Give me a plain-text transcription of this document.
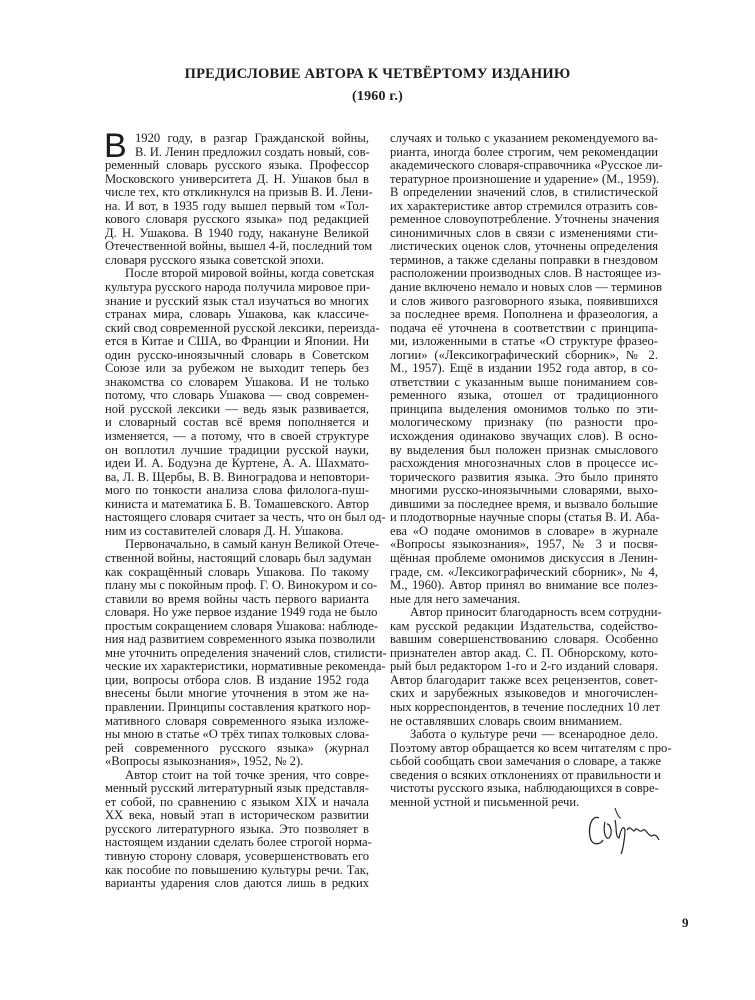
ПРЕДИСЛОВИЕ АВТОРА К ЧЕТВЁРТОМУ ИЗДАНИЮ
(1960 г.)
В 1920 году, в разгар Гражданской войны,
В. И. Ленин предложил создать новый, сов-
ременный словарь русского языка. Профессор
Московского университета Д. Н. Ушаков был в
числе тех, кто откликнулся на призыв В. И. Лени-
на. И вот, в 1935 году вышел первый том «Тол-
кового словаря русского языка» под редакцией
Д. Н. Ушакова. В 1940 году, накануне Великой
Отечественной войны, вышел 4-й, последний том
словаря русского языка советской эпохи.
После второй мировой войны, когда советская
культура русского народа получила мировое при-
знание и русский язык стал изучаться во многих
странах мира, словарь Ушакова, как классиче-
ский свод современной русской лексики, переизда-
ется в Китае и США, во Франции и Японии. Ни
один русско-иноязычный словарь в Советском
Союзе или за рубежом не выходит теперь без
знакомства со словарем Ушакова. И не только
потому, что словарь Ушакова — свод современ-
ной русской лексики — ведь язык развивается,
и словарный состав всё время пополняется и
изменяется, — а потому, что в своей структуре
он воплотил лучшие традиции русской науки,
идеи И. А. Бодуэна де Куртене, А. А. Шахмато-
ва, Л. В. Щербы, В. В. Виноградова и неповтори-
мого по тонкости анализа слова филолога-пуш-
киниста и математика Б. В. Томашевского. Автор
настоящего словаря считает за честь, что он был од-
ним из составителей словаря Д. Н. Ушакова.
Первоначально, в самый канун Великой Отече-
ственной войны, настоящий словарь был задуман
как сокращённый словарь Ушакова. По такому
плану мы с покойным проф. Г. О. Винокуром и со-
ставили во время войны часть первого варианта
словаря. Но уже первое издание 1949 года не было
простым сокращением словаря Ушакова: наблюде-
ния над развитием современного языка позволили
мне уточнить определения значений слов, стилисти-
ческие их характеристики, нормативные рекоменда-
ции, вопросы отбора слов. В издание 1952 года
внесены были многие уточнения в этом же на-
правлении. Принципы составления краткого нор-
мативного словаря современного языка изложе-
ны мною в статье «О трёх типах толковых слова-
рей современного русского языка» (журнал
«Вопросы языкознания», 1952, № 2).
Автор стоит на той точке зрения, что совре-
менный русский литературный язык представля-
ет собой, по сравнению с языком XIX и начала
XX века, новый этап в историческом развитии
русского литературного языка. Это позволяет в
настоящем издании сделать более строгой норма-
тивную сторону словаря, усовершенствовать его
как пособие по повышению культуры речи. Так,
варианты ударения слов даются лишь в редких
случаях и только с указанием рекомендуемого ва-
рианта, иногда более строгим, чем рекомендации
академического словаря-справочника «Русское ли-
тературное произношение и ударение» (М., 1959).
В определении значений слов, в стилистической
их характеристике автор стремился отразить сов-
ременное словоупотребление. Уточнены значения
синонимичных слов в связи с изменениями сти-
листических оценок слов, уточнены определения
терминов, а также сделаны поправки в гнездовом
расположении производных слов. В настоящее из-
дание включено немало и новых слов — терминов
и слов живого разговорного языка, появившихся
за последнее время. Пополнена и фразеология, а
подача её уточнена в соответствии с принципа-
ми, изложенными в статье «О структуре фразео-
логии» («Лексикографический сборник», № 2.
М., 1957). Ещё в издании 1952 года автор, в со-
ответствии с указанным выше пониманием сов-
ременного языка, отошел от традиционного
принципа выделения омонимов только по эти-
мологическому признаку (по разности про-
исхождения одинаково звучащих слов). В осно-
ву выделения был положен признак смыслового
расхождения многозначных слов в процессе ис-
торического развития языка. Это было принято
многими русско-иноязычными словарями, выхо-
дившими за последнее время, и вызвало большие
и плодотворные научные споры (статья В. И. Аба-
ева «О подаче омонимов в словаре» в журнале
«Вопросы языкознания», 1957, № 3 и посвя-
щённая проблеме омонимов дискуссия в Ленин-
граде, см. «Лексикографический сборник», № 4,
М., 1960). Автор принял во внимание все полез-
ные для него замечания.
Автор приносит благодарность всем сотрудни-
кам русской редакции Издательства, содейство-
вавшим совершенствованию словаря. Особенно
признателен автор акад. С. П. Обнорскому, кото-
рый был редактором 1-го и 2-го изданий словаря.
Автор благодарит также всех рецензентов, совет-
ских и зарубежных языковедов и многочислен-
ных корреспондентов, в течение последних 10 лет
не оставлявших словарь своим вниманием.
Забота о культуре речи — всенародное дело.
Поэтому автор обращается ко всем читателям с про-
сьбой сообщать свои замечания о словаре, а также
сведения о всяких отклонениях от правильности и
чистоты русского языка, наблюдающихся в совре-
менной устной и письменной речи.
9
